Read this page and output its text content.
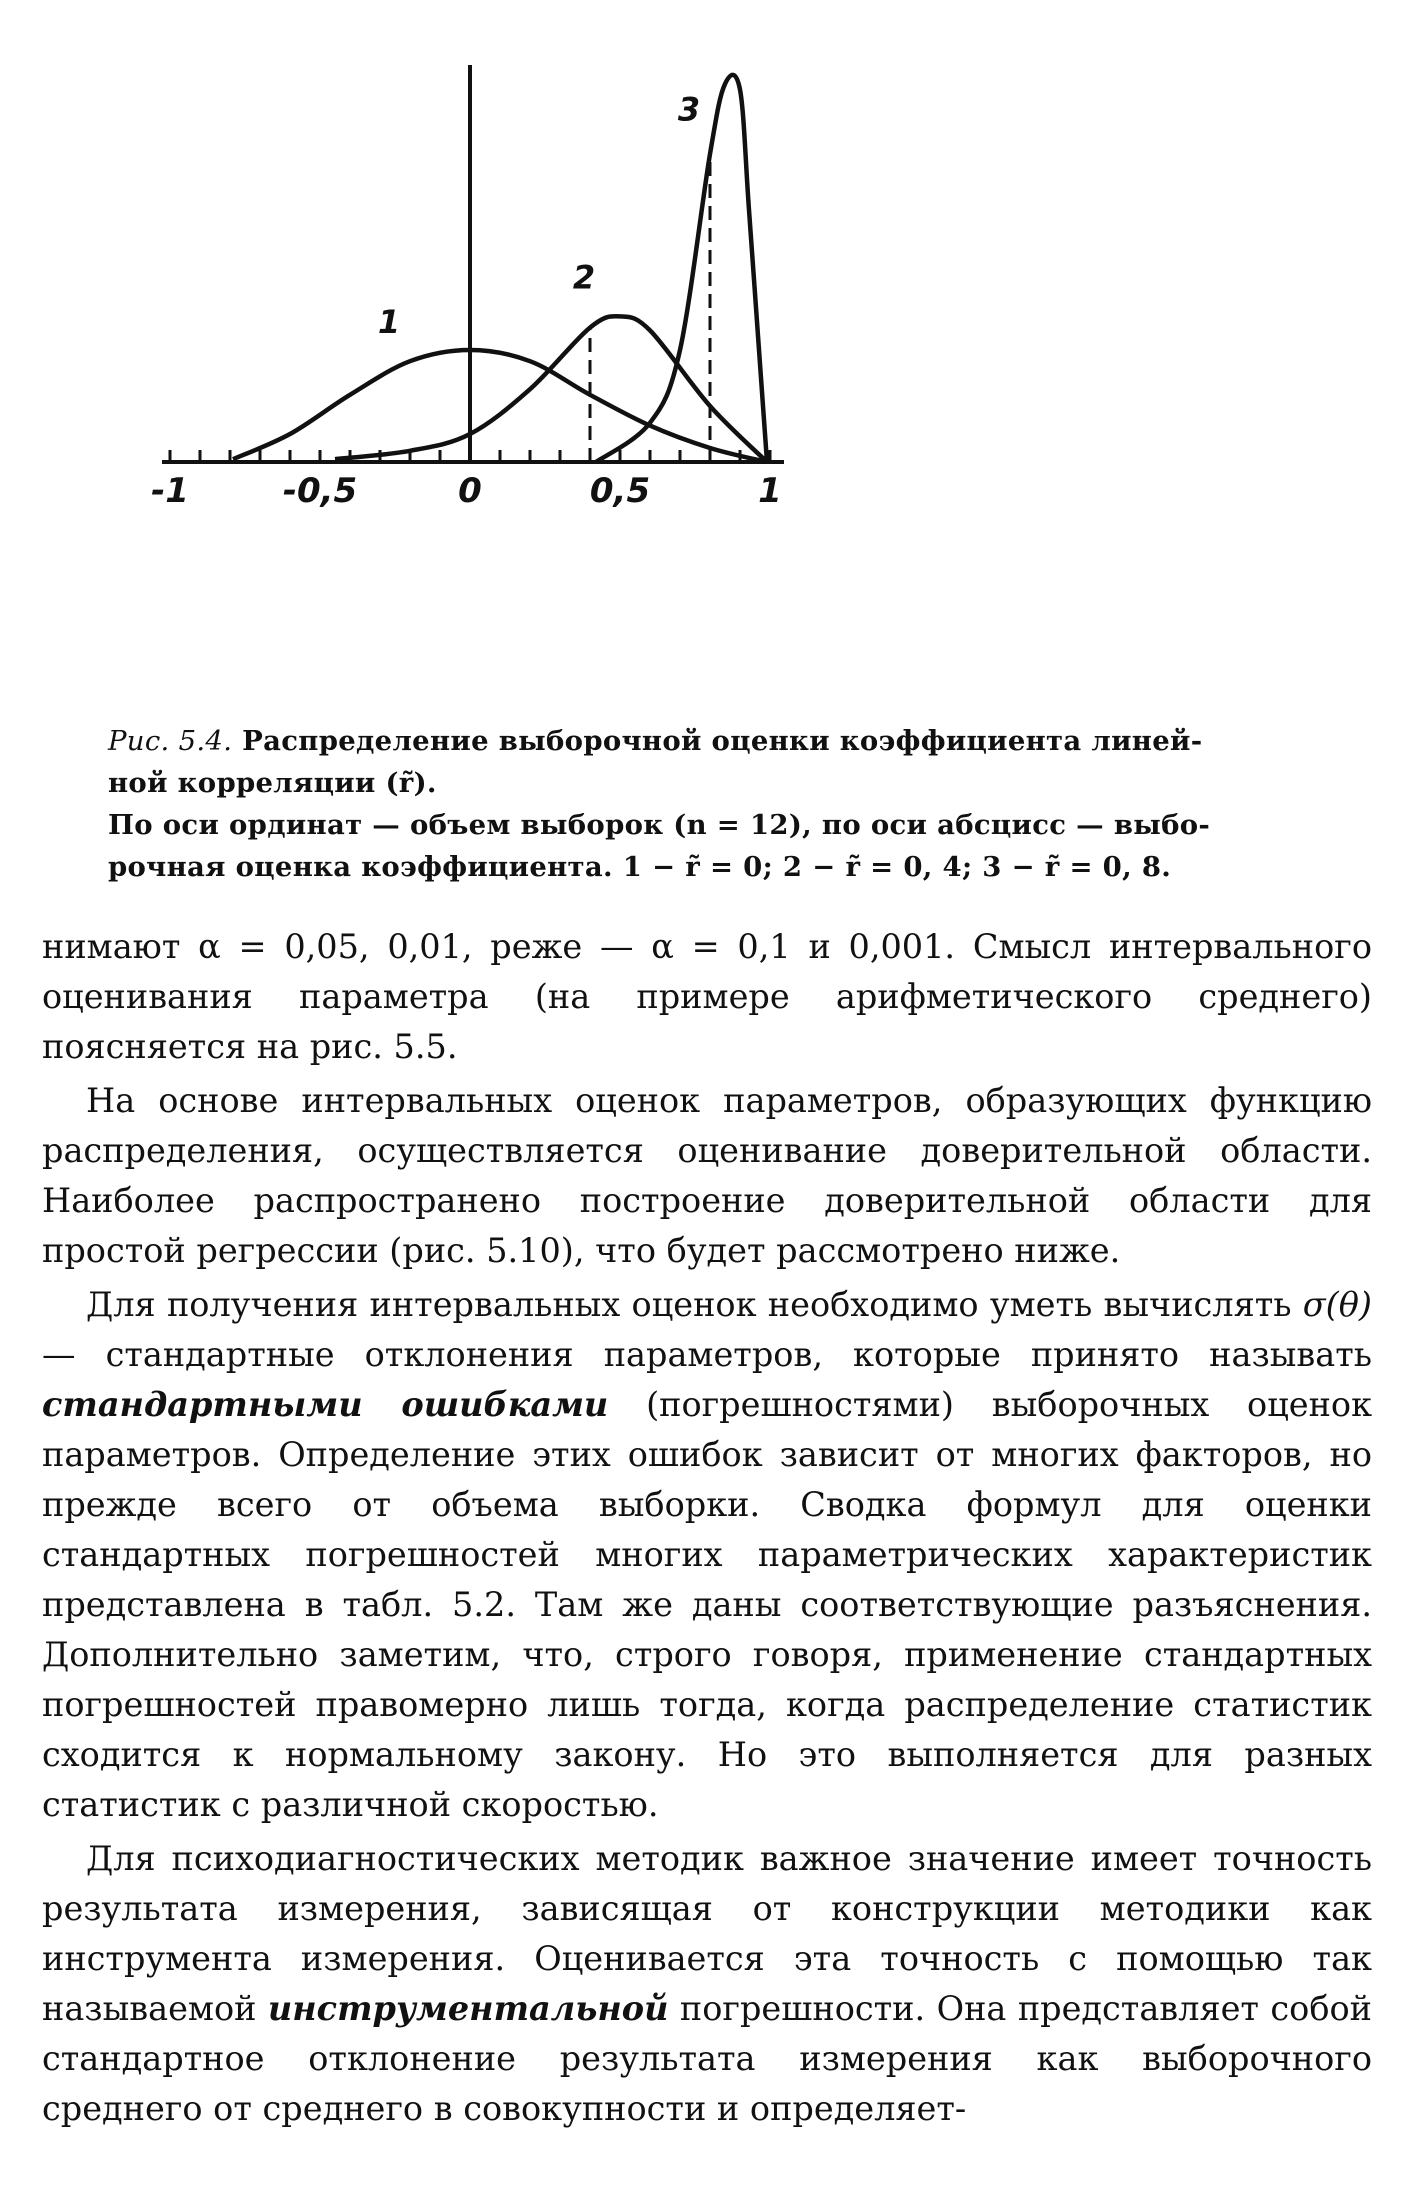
-1	-0,5	0	0,5	1
1
2
3
Рис. 5.4. Распределение выборочной оценки коэффициента линей-
ной корреляции (r̃).
По оси ординат — объем выборок (n = 12), по оси абсцисс — выбо-
рочная оценка коэффициента. 1 − r̃ = 0; 2 − r̃ = 0, 4; 3 − r̃ = 0, 8.

нимают α = 0,05, 0,01, реже — α = 0,1 и 0,001. Смысл интервального оценивания параметра (на примере арифметического среднего) поясняется на рис. 5.5.

На основе интервальных оценок параметров, образующих функцию распределения, осуществляется оценивание доверительной области. Наиболее распространено построение доверительной области для простой регрессии (рис. 5.10), что будет рассмотрено ниже.

Для получения интервальных оценок необходимо уметь вычислять σ(θ) — стандартные отклонения параметров, которые принято называть стандартными ошибками (погрешностями) выборочных оценок параметров. Определение этих ошибок зависит от многих факторов, но прежде всего от объема выборки. Сводка формул для оценки стандартных погрешностей многих параметрических характеристик представлена в табл. 5.2. Там же даны соответствующие разъяснения. Дополнительно заметим, что, строго говоря, применение стандартных погрешностей правомерно лишь тогда, когда распределение статистик сходится к нормальному закону. Но это выполняется для разных статистик с различной скоростью.

Для психодиагностических методик важное значение имеет точность результата измерения, зависящая от конструкции методики как инструмента измерения. Оценивается эта точность с помощью так называемой инструментальной погрешности. Она представляет собой стандартное отклонение результата измерения как выборочного среднего от среднего в совокупности и определяет-
